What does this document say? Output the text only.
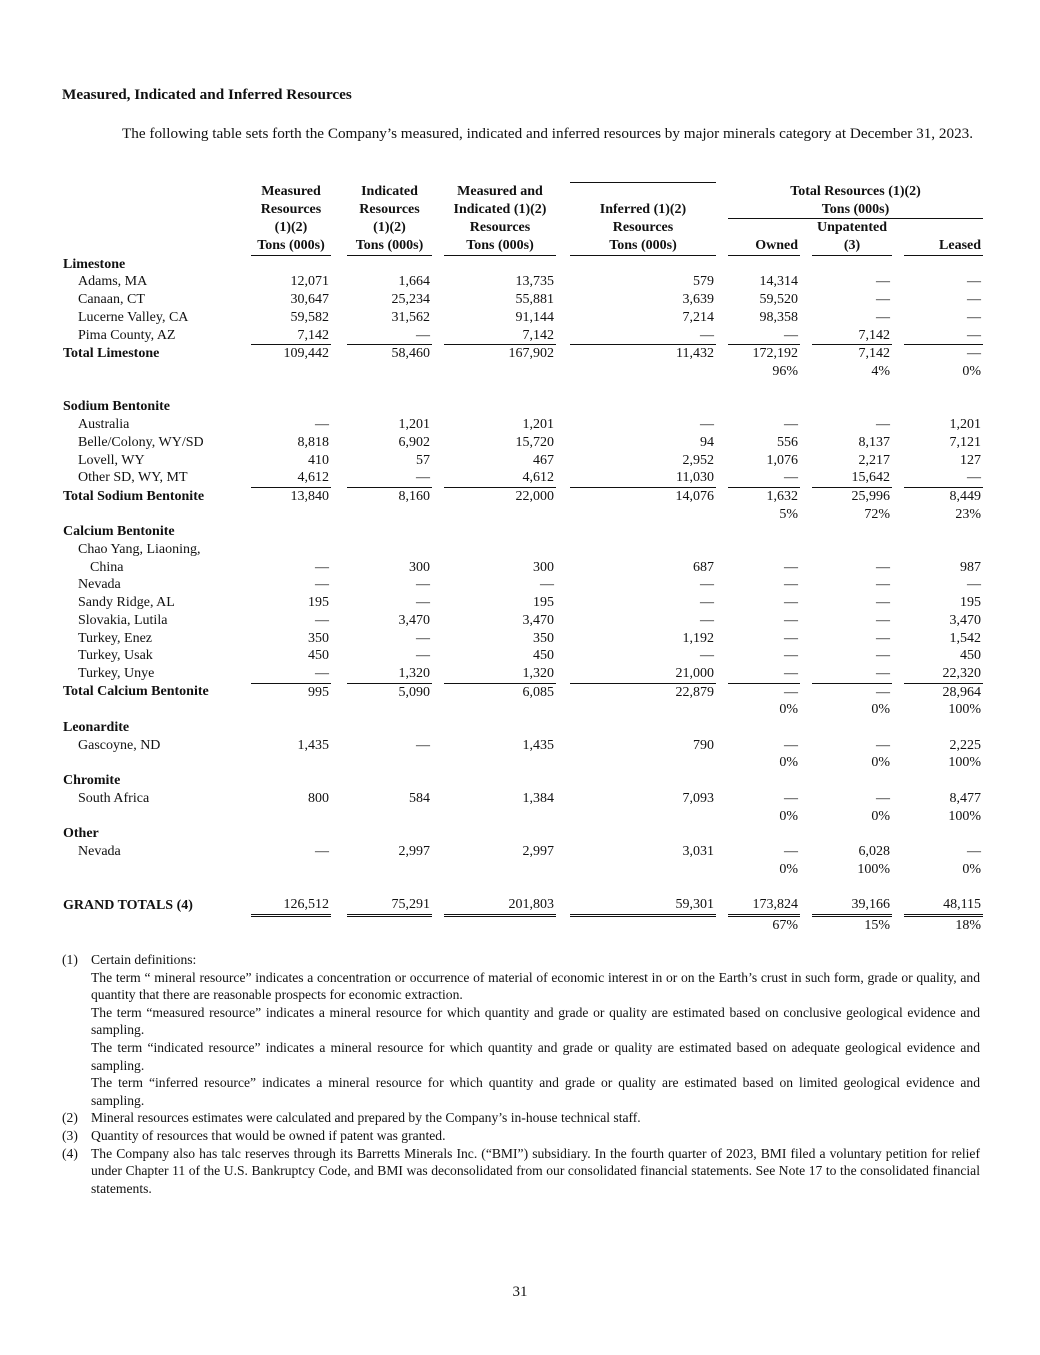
Measured, Indicated and Inferred Resources
The following table sets forth the Company’s measured, indicated and inferred resources by major minerals category at December 31, 2023.
	Measured		Indicated		Measured and				Total Resources (1)(2)				
	Resources		Resources		Indicated (1)(2)		Inferred (1)(2)		Tons (000s)				
	(1)(2)		(1)(2)		Resources		Resources				Unpatented		
	Tons (000s)		Tons (000s)		Tons (000s)		Tons (000s)		Owned		(3)		Leased
Limestone													
Adams, MA	12,071		1,664		13,735		579		14,314		—		—
Canaan, CT	30,647		25,234		55,881		3,639		59,520		—		—
Lucerne Valley, CA	59,582		31,562		91,144		7,214		98,358		—		—
Pima County, AZ	7,142		—		7,142		—		—		7,142		—
Total Limestone	109,442		58,460		167,902		11,432		172,192		7,142		—
									96%		4%		0%

Sodium Bentonite													
Australia	—		1,201		1,201		—		—		—		1,201
Belle/Colony, WY/SD	8,818		6,902		15,720		94		556		8,137		7,121
Lovell, WY	410		57		467		2,952		1,076		2,217		127
Other SD, WY, MT	4,612		—		4,612		11,030		—		15,642		—
Total Sodium Bentonite	13,840		8,160		22,000		14,076		1,632		25,996		8,449
									5%		72%		23%
Calcium Bentonite													
Chao Yang, Liaoning,													
China	—		300		300		687		—		—		987
Nevada	—		—		—		—		—		—		—
Sandy Ridge, AL	195		—		195		—		—		—		195
Slovakia, Lutila	—		3,470		3,470		—		—		—		3,470
Turkey, Enez	350		—		350		1,192		—		—		1,542
Turkey, Usak	450		—		450		—		—		—		450
Turkey, Unye	—		1,320		1,320		21,000		—		—		22,320
Total Calcium Bentonite	995		5,090		6,085		22,879		—		—		28,964
									0%		0%		100%
Leonardite													
Gascoyne, ND	1,435		—		1,435		790		—		—		2,225
									0%		0%		100%
Chromite													
South Africa	800		584		1,384		7,093		—		—		8,477
									0%		0%		100%
Other													
Nevada	—		2,997		2,997		3,031		—		6,028		—
									0%		100%		0%

GRAND TOTALS (4)	126,512		75,291		201,803		59,301		173,824		39,166		48,115
									67%		15%		18%
(1) Certain definitions:

The term “ mineral resource” indicates a concentration or occurrence of material of economic interest in or on the Earth’s crust in such form, grade or quality, and quantity that there are reasonable prospects for economic extraction.

The term “measured resource” indicates a mineral resource for which quantity and grade or quality are estimated based on conclusive geological evidence and sampling.

The term “indicated resource” indicates a mineral resource for which quantity and grade or quality are estimated based on adequate geological evidence and sampling.

The term “inferred resource” indicates a mineral resource for which quantity and grade or quality are estimated based on limited geological evidence and sampling.

(2) Mineral resources estimates were calculated and prepared by the Company’s in-house technical staff.

(3) Quantity of resources that would be owned if patent was granted.

(4) The Company also has talc reserves through its Barretts Minerals Inc. (“BMI”) subsidiary. In the fourth quarter of 2023, BMI filed a voluntary petition for relief under Chapter 11 of the U.S. Bankruptcy Code, and BMI was deconsolidated from our consolidated financial statements. See Note 17 to the consolidated financial statements.

31
